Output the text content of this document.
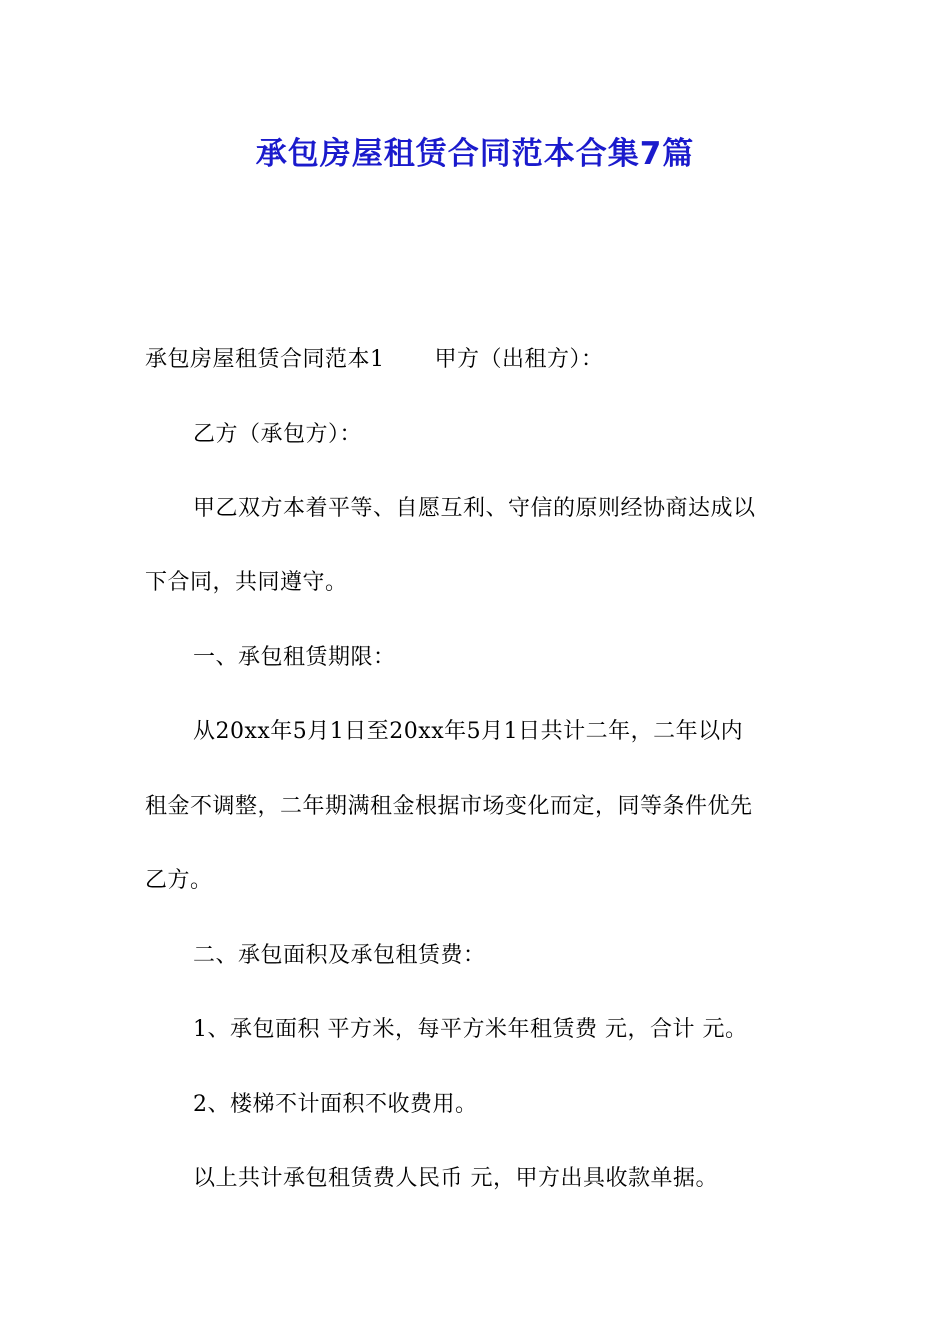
承包房屋租赁合同范本合集7篇
承包房屋租赁合同范本1 甲方（出租方）：
乙方（承包方）：
甲乙双方本着平等、自愿互利、守信的原则经协商达成以
下合同，共同遵守。
一、承包租赁期限：
从20xx年5月1日至20xx年5月1日共计二年，二年以内
租金不调整，二年期满租金根据市场变化而定，同等条件优先
乙方。
二、承包面积及承包租赁费：
1、承包面积 平方米，每平方米年租赁费 元，合计 元。
2、楼梯不计面积不收费用。
以上共计承包租赁费人民币 元，甲方出具收款单据。
